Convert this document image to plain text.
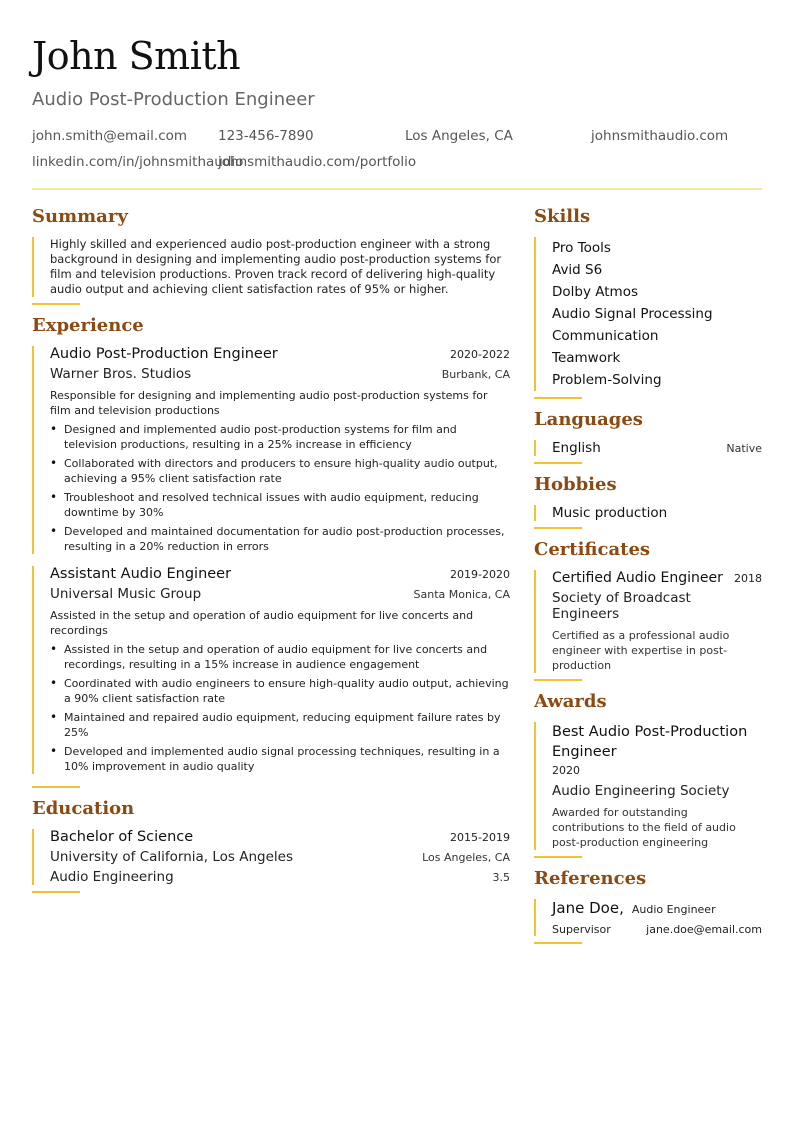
John Smith
Audio Post-Production Engineer
john.smith@email.com 123-456-7890	Los Angeles, CA	johnsmithaudio.com
linkedin.com/in/johnsmithaudio
johnsmithaudio.com/portfolio
Summary

Highly skilled and experienced audio post-production engineer with a strong background in designing and implementing audio post-production systems for film and television productions. Proven track record of delivering high-quality audio output and achieving client satisfaction rates of 95% or higher.

Experience
Audio Post-Production Engineer	2020-2022
Warner Bros. Studios	Burbank, CA

Responsible for designing and implementing audio post-production systems for film and television productions

• Designed and implemented audio post-production systems for film and television productions, resulting in a 25% increase in efficiency
• Collaborated with directors and producers to ensure high-quality audio output, achieving a 95% client satisfaction rate
• Troubleshoot and resolved technical issues with audio equipment, reducing downtime by 30%
• Developed and maintained documentation for audio post-production processes, resulting in a 20% reduction in errors
Assistant Audio Engineer	2019-2020
Universal Music Group	Santa Monica, CA

Assisted in the setup and operation of audio equipment for live concerts and recordings

• Assisted in the setup and operation of audio equipment for live concerts and recordings, resulting in a 15% increase in audience engagement
• Coordinated with audio engineers to ensure high-quality audio output, achieving a 90% client satisfaction rate
• Maintained and repaired audio equipment, reducing equipment failure rates by 25%
• Developed and implemented audio signal processing techniques, resulting in a 10% improvement in audio quality
Education
Bachelor of Science	2015-2019
University of California, Los Angeles	Los Angeles, CA
Audio Engineering	3.5
Skills
Pro Tools
Avid S6
Dolby Atmos
Audio Signal Processing
Communication
Teamwork
Problem-Solving
Languages
English	Native
Hobbies
Music production
Certificates
Certified Audio Engineer 2018
Society of Broadcast Engineers
Certified as a professional audio engineer with expertise in post-production
Awards
Best Audio Post-Production Engineer
2020
Audio Engineering Society
Awarded for outstanding contributions to the field of audio post-production engineering
References
Jane Doe, Audio Engineer
Supervisor	jane.doe@email.com
